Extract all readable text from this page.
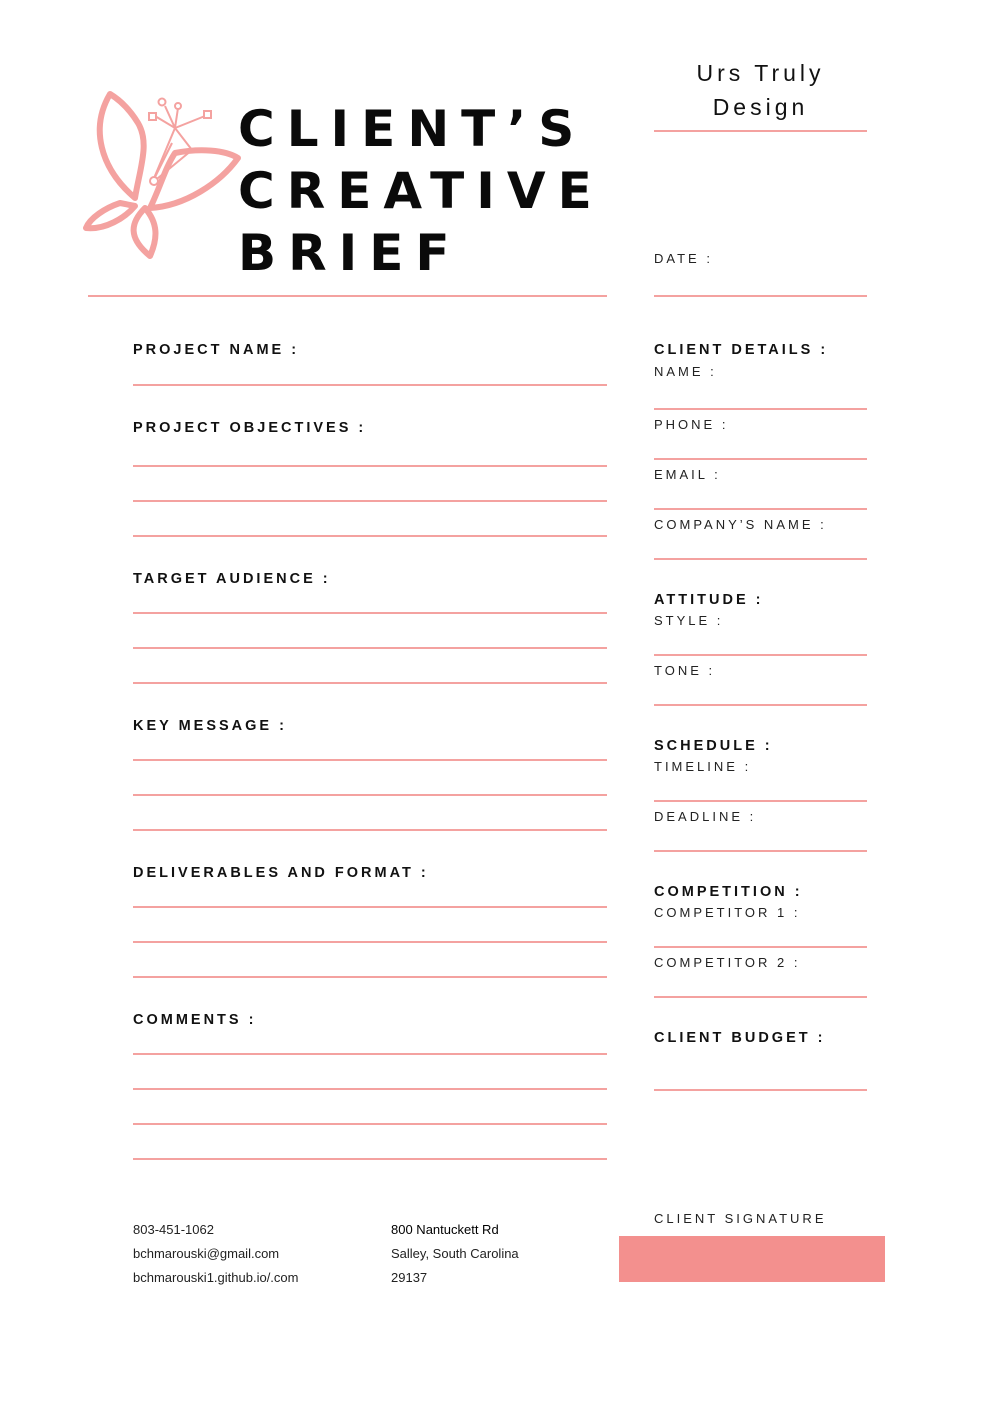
CLIENT’S
CREATIVE
BRIEF
Urs Truly
Design
DATE :
PROJECT NAME :
PROJECT OBJECTIVES :
TARGET AUDIENCE :
KEY MESSAGE :
DELIVERABLES AND FORMAT :
COMMENTS :
CLIENT DETAILS :
NAME :
PHONE :
EMAIL :
COMPANY’S NAME :
ATTITUDE :
STYLE :
TONE :
SCHEDULE :
TIMELINE :
DEADLINE :
COMPETITION :
COMPETITOR 1 :
COMPETITOR 2 :
CLIENT BUDGET :
CLIENT SIGNATURE
803-451-1062
bchmarouski@gmail.com
bchmarouski1.github.io/.com
800 Nantuckett Rd
Salley, South Carolina
29137
